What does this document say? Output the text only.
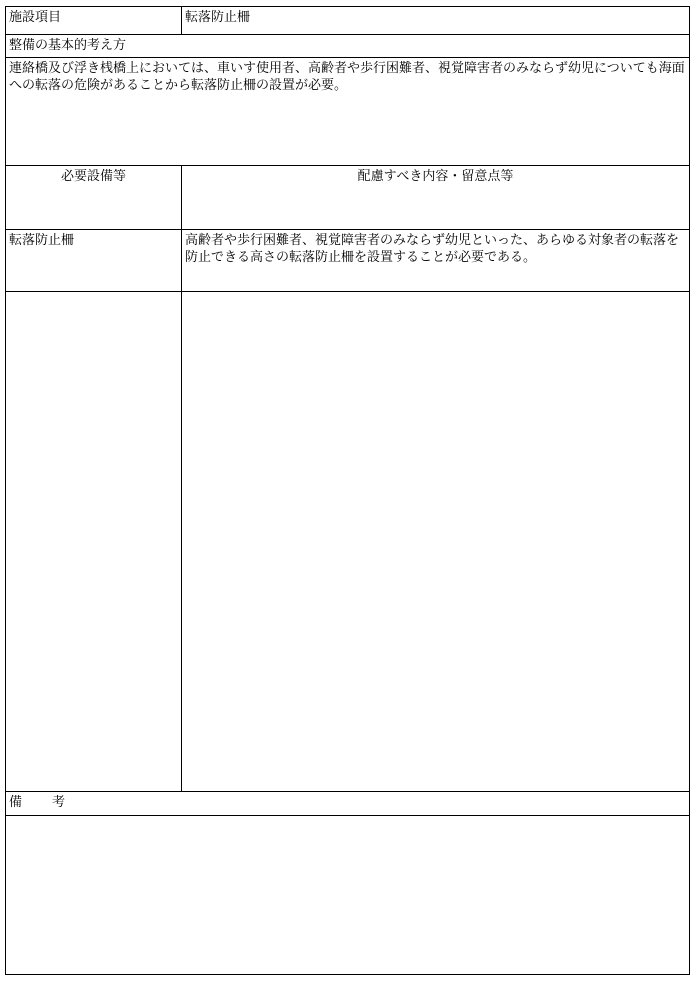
施設項目	転落防止柵
整備の基本的考え方
連絡橋及び浮き桟橋上においては、車いす使用者、高齢者や歩行困難者、視覚障害者のみならず幼児についても海面への転落の危険があることから転落防止柵の設置が必要。
必要設備等	配慮すべき内容・留意点等
転落防止柵	高齢者や歩行困難者、視覚障害者のみならず幼児といった、あらゆる対象者の転落を防止できる高さの転落防止柵を設置することが必要である。
備 考
